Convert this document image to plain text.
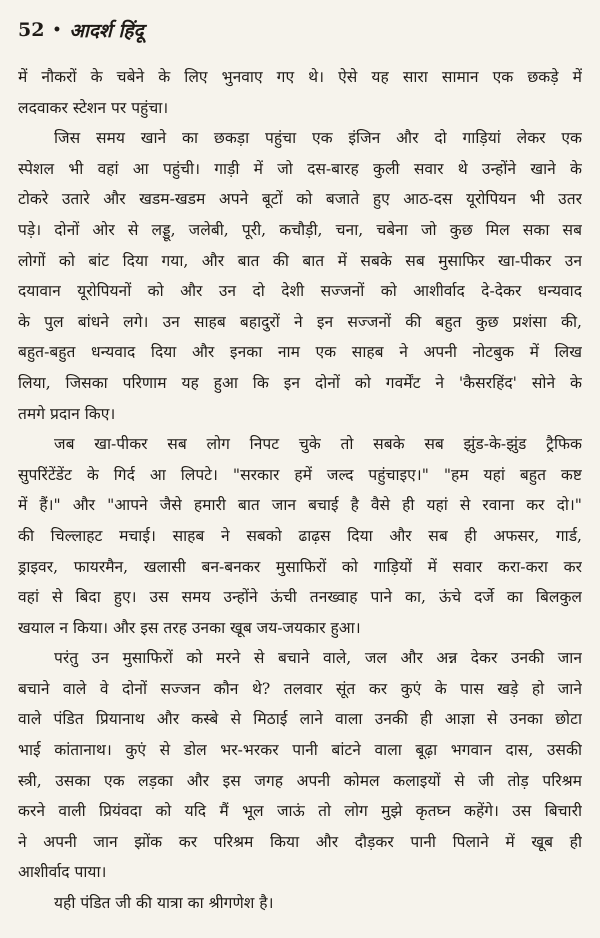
52 • आदर्श हिंदू
में नौकरों के चबेने के लिए भुनवाए गए थे। ऐसे यह सारा सामान एक छकड़े में
लदवाकर स्टेशन पर पहुंचा।
जिस समय खाने का छकड़ा पहुंचा एक इंजिन और दो गाड़ियां लेकर एक
स्पेशल भी वहां आ पहुंची। गाड़ी में जो दस-बारह कुली सवार थे उन्होंने खाने के
टोकरे उतारे और खडम-खडम अपने बूटों को बजाते हुए आठ-दस यूरोपियन भी उतर
पड़े। दोनों ओर से लड्डू, जलेबी, पूरी, कचौड़ी, चना, चबेना जो कुछ मिल सका सब
लोगों को बांट दिया गया, और बात की बात में सबके सब मुसाफिर खा-पीकर उन
दयावान यूरोपियनों को और उन दो देशी सज्जनों को आशीर्वाद दे-देकर धन्यवाद
के पुल बांधने लगे। उन साहब बहादुरों ने इन सज्जनों की बहुत कुछ प्रशंसा की,
बहुत-बहुत धन्यवाद दिया और इनका नाम एक साहब ने अपनी नोटबुक में लिख
लिया, जिसका परिणाम यह हुआ कि इन दोनों को गवर्मेंट ने 'कैसरहिंद' सोने के
तमगे प्रदान किए।
जब खा-पीकर सब लोग निपट चुके तो सबके सब झुंड-के-झुंड ट्रैफिक
सुपरिंटेंडेंट के गिर्द आ लिपटे। "सरकार हमें जल्द पहुंचाइए।" "हम यहां बहुत कष्ट
में हैं।" और "आपने जैसे हमारी बात जान बचाई है वैसे ही यहां से रवाना कर दो।"
की चिल्लाहट मचाई। साहब ने सबको ढाढ़स दिया और सब ही अफसर, गार्ड,
ड्राइवर, फायरमैन, खलासी बन-बनकर मुसाफिरों को गाड़ियों में सवार करा-करा कर
वहां से बिदा हुए। उस समय उन्होंने ऊंची तनख्वाह पाने का, ऊंचे दर्जे का बिलकुल
खयाल न किया। और इस तरह उनका खूब जय-जयकार हुआ।
परंतु उन मुसाफिरों को मरने से बचाने वाले, जल और अन्न देकर उनकी जान
बचाने वाले वे दोनों सज्जन कौन थे? तलवार सूंत कर कुएं के पास खड़े हो जाने
वाले पंडित प्रियानाथ और कस्बे से मिठाई लाने वाला उनकी ही आज्ञा से उनका छोटा
भाई कांतानाथ। कुएं से डोल भर-भरकर पानी बांटने वाला बूढ़ा भगवान दास, उसकी
स्त्री, उसका एक लड़का और इस जगह अपनी कोमल कलाइयों से जी तोड़ परिश्रम
करने वाली प्रियंवदा को यदि मैं भूल जाऊं तो लोग मुझे कृतघ्न कहेंगे। उस बिचारी
ने अपनी जान झोंक कर परिश्रम किया और दौड़कर पानी पिलाने में खूब ही
आशीर्वाद पाया।
यही पंडित जी की यात्रा का श्रीगणेश है।
